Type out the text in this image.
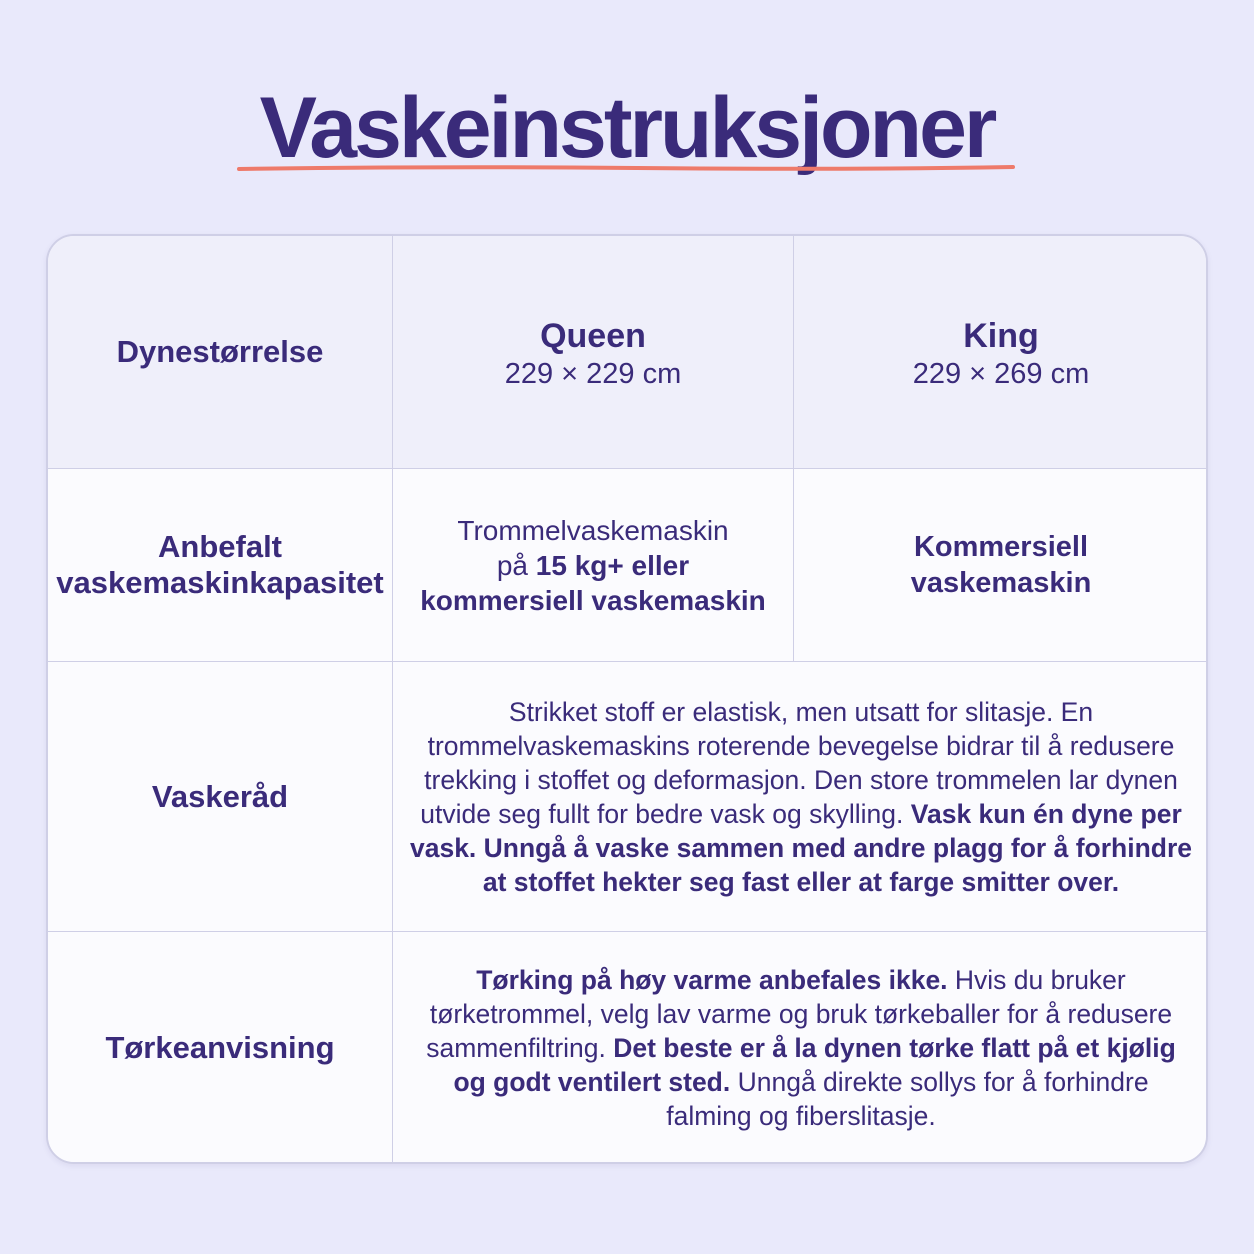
Vaskeinstruksjoner
Dynestørrelse	Queen
229 × 229 cm
King
229 × 269 cm
Anbefalt
vaskemaskinkapasitet
Trommelvaskemaskin
på 15 kg+ eller
kommersiell vaskemaskin
Kommersiell
vaskemaskin
Vaskeråd

Strikket stoff er elastisk, men utsatt for slitasje. En trommelvaskemaskins roterende bevegelse bidrar til å redusere trekking i stoffet og deformasjon. Den store trommelen lar dynen utvide seg fullt for bedre vask og skylling. Vask kun én dyne per vask. Unngå å vaske sammen med andre plagg for å forhindre at stoffet hekter seg fast eller at farge smitter over.

Tørkeanvisning

Tørking på høy varme anbefales ikke. Hvis du bruker tørketrommel, velg lav varme og bruk tørkeballer for å redusere sammenfiltring. Det beste er å la dynen tørke flatt på et kjølig og godt ventilert sted. Unngå direkte sollys for å forhindre falming og fiberslitasje.
